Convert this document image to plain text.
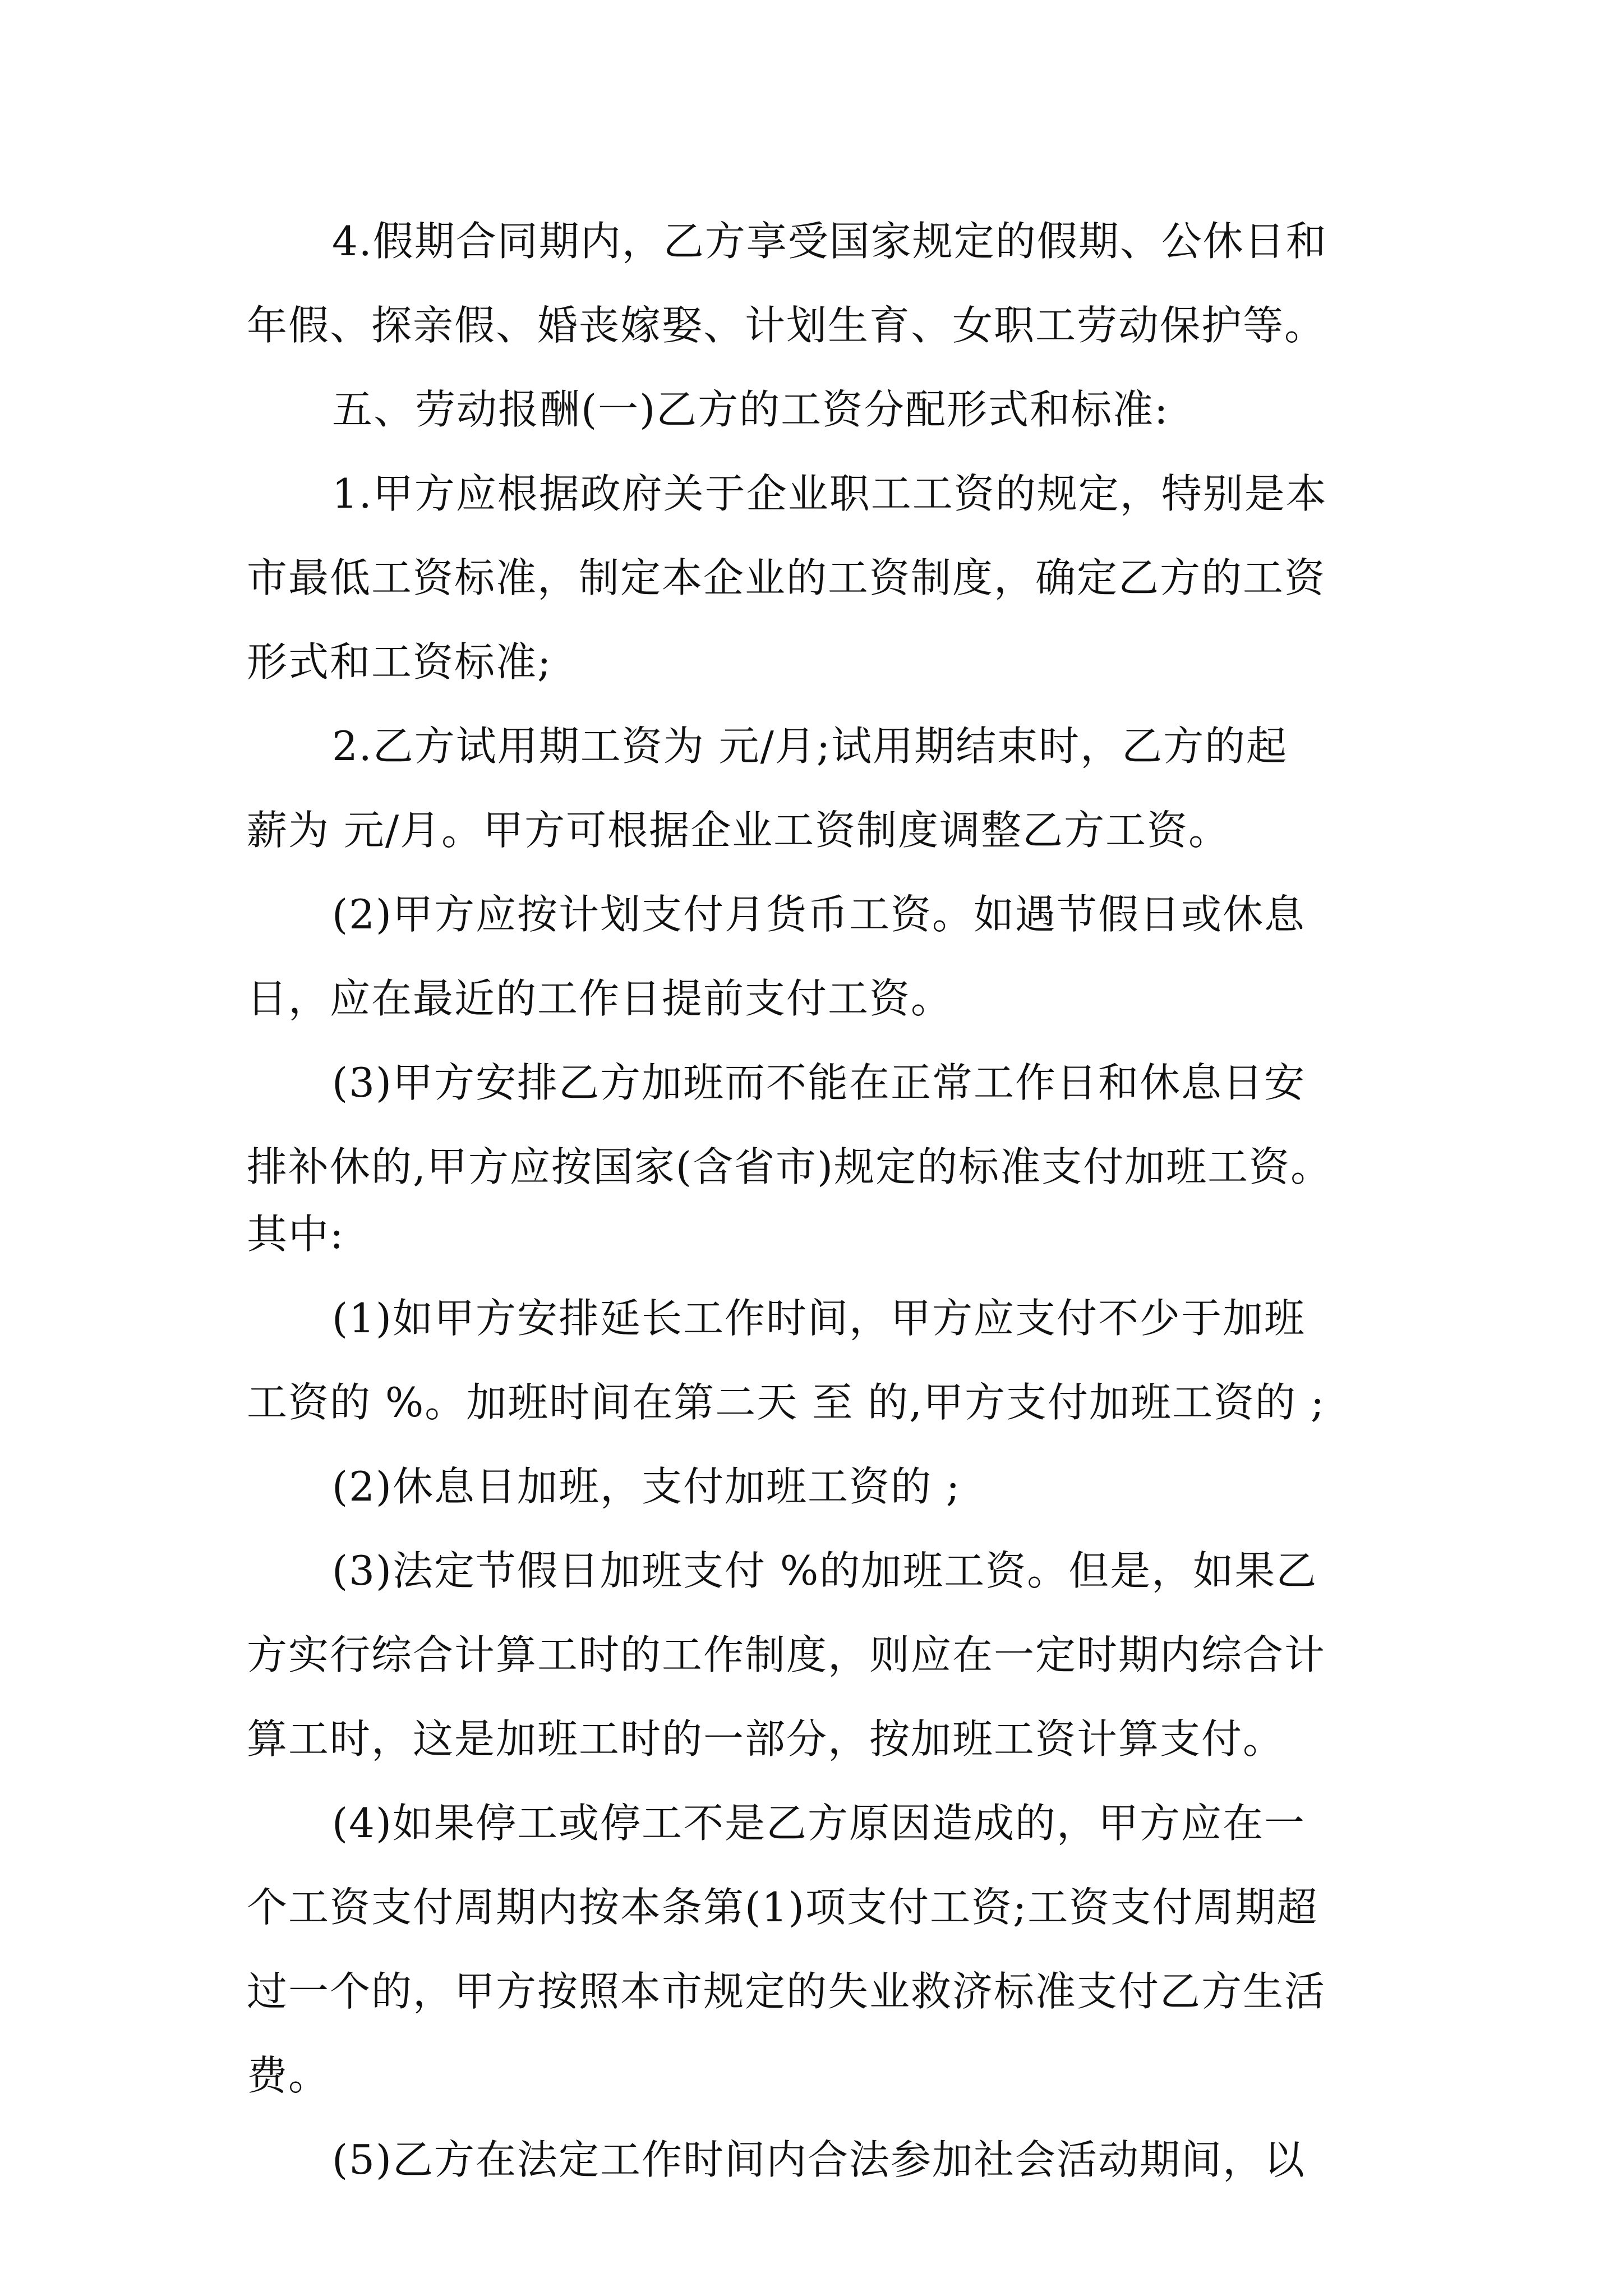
4.假期合同期内，乙方享受国家规定的假期、公休日和
年假、探亲假、婚丧嫁娶、计划生育、女职工劳动保护等。
五、劳动报酬(一)乙方的工资分配形式和标准:
1.甲方应根据政府关于企业职工工资的规定，特别是本
市最低工资标准，制定本企业的工资制度，确定乙方的工资
形式和工资标准;
2.乙方试用期工资为 元/月;试用期结束时，乙方的起
薪为 元/月。甲方可根据企业工资制度调整乙方工资。
(2)甲方应按计划支付月货币工资。如遇节假日或休息
日，应在最近的工作日提前支付工资。
(3)甲方安排乙方加班而不能在正常工作日和休息日安
排补休的,甲方应按国家(含省市)规定的标准支付加班工资。
其中:
(1)如甲方安排延长工作时间，甲方应支付不少于加班
工资的 %。加班时间在第二天 至 的,甲方支付加班工资的 ;
(2)休息日加班，支付加班工资的 ;
(3)法定节假日加班支付 %的加班工资。但是，如果乙
方实行综合计算工时的工作制度，则应在一定时期内综合计
算工时，这是加班工时的一部分，按加班工资计算支付。
(4)如果停工或停工不是乙方原因造成的，甲方应在一
个工资支付周期内按本条第(1)项支付工资;工资支付周期超
过一个的，甲方按照本市规定的失业救济标准支付乙方生活
费。
(5)乙方在法定工作时间内合法参加社会活动期间，以
